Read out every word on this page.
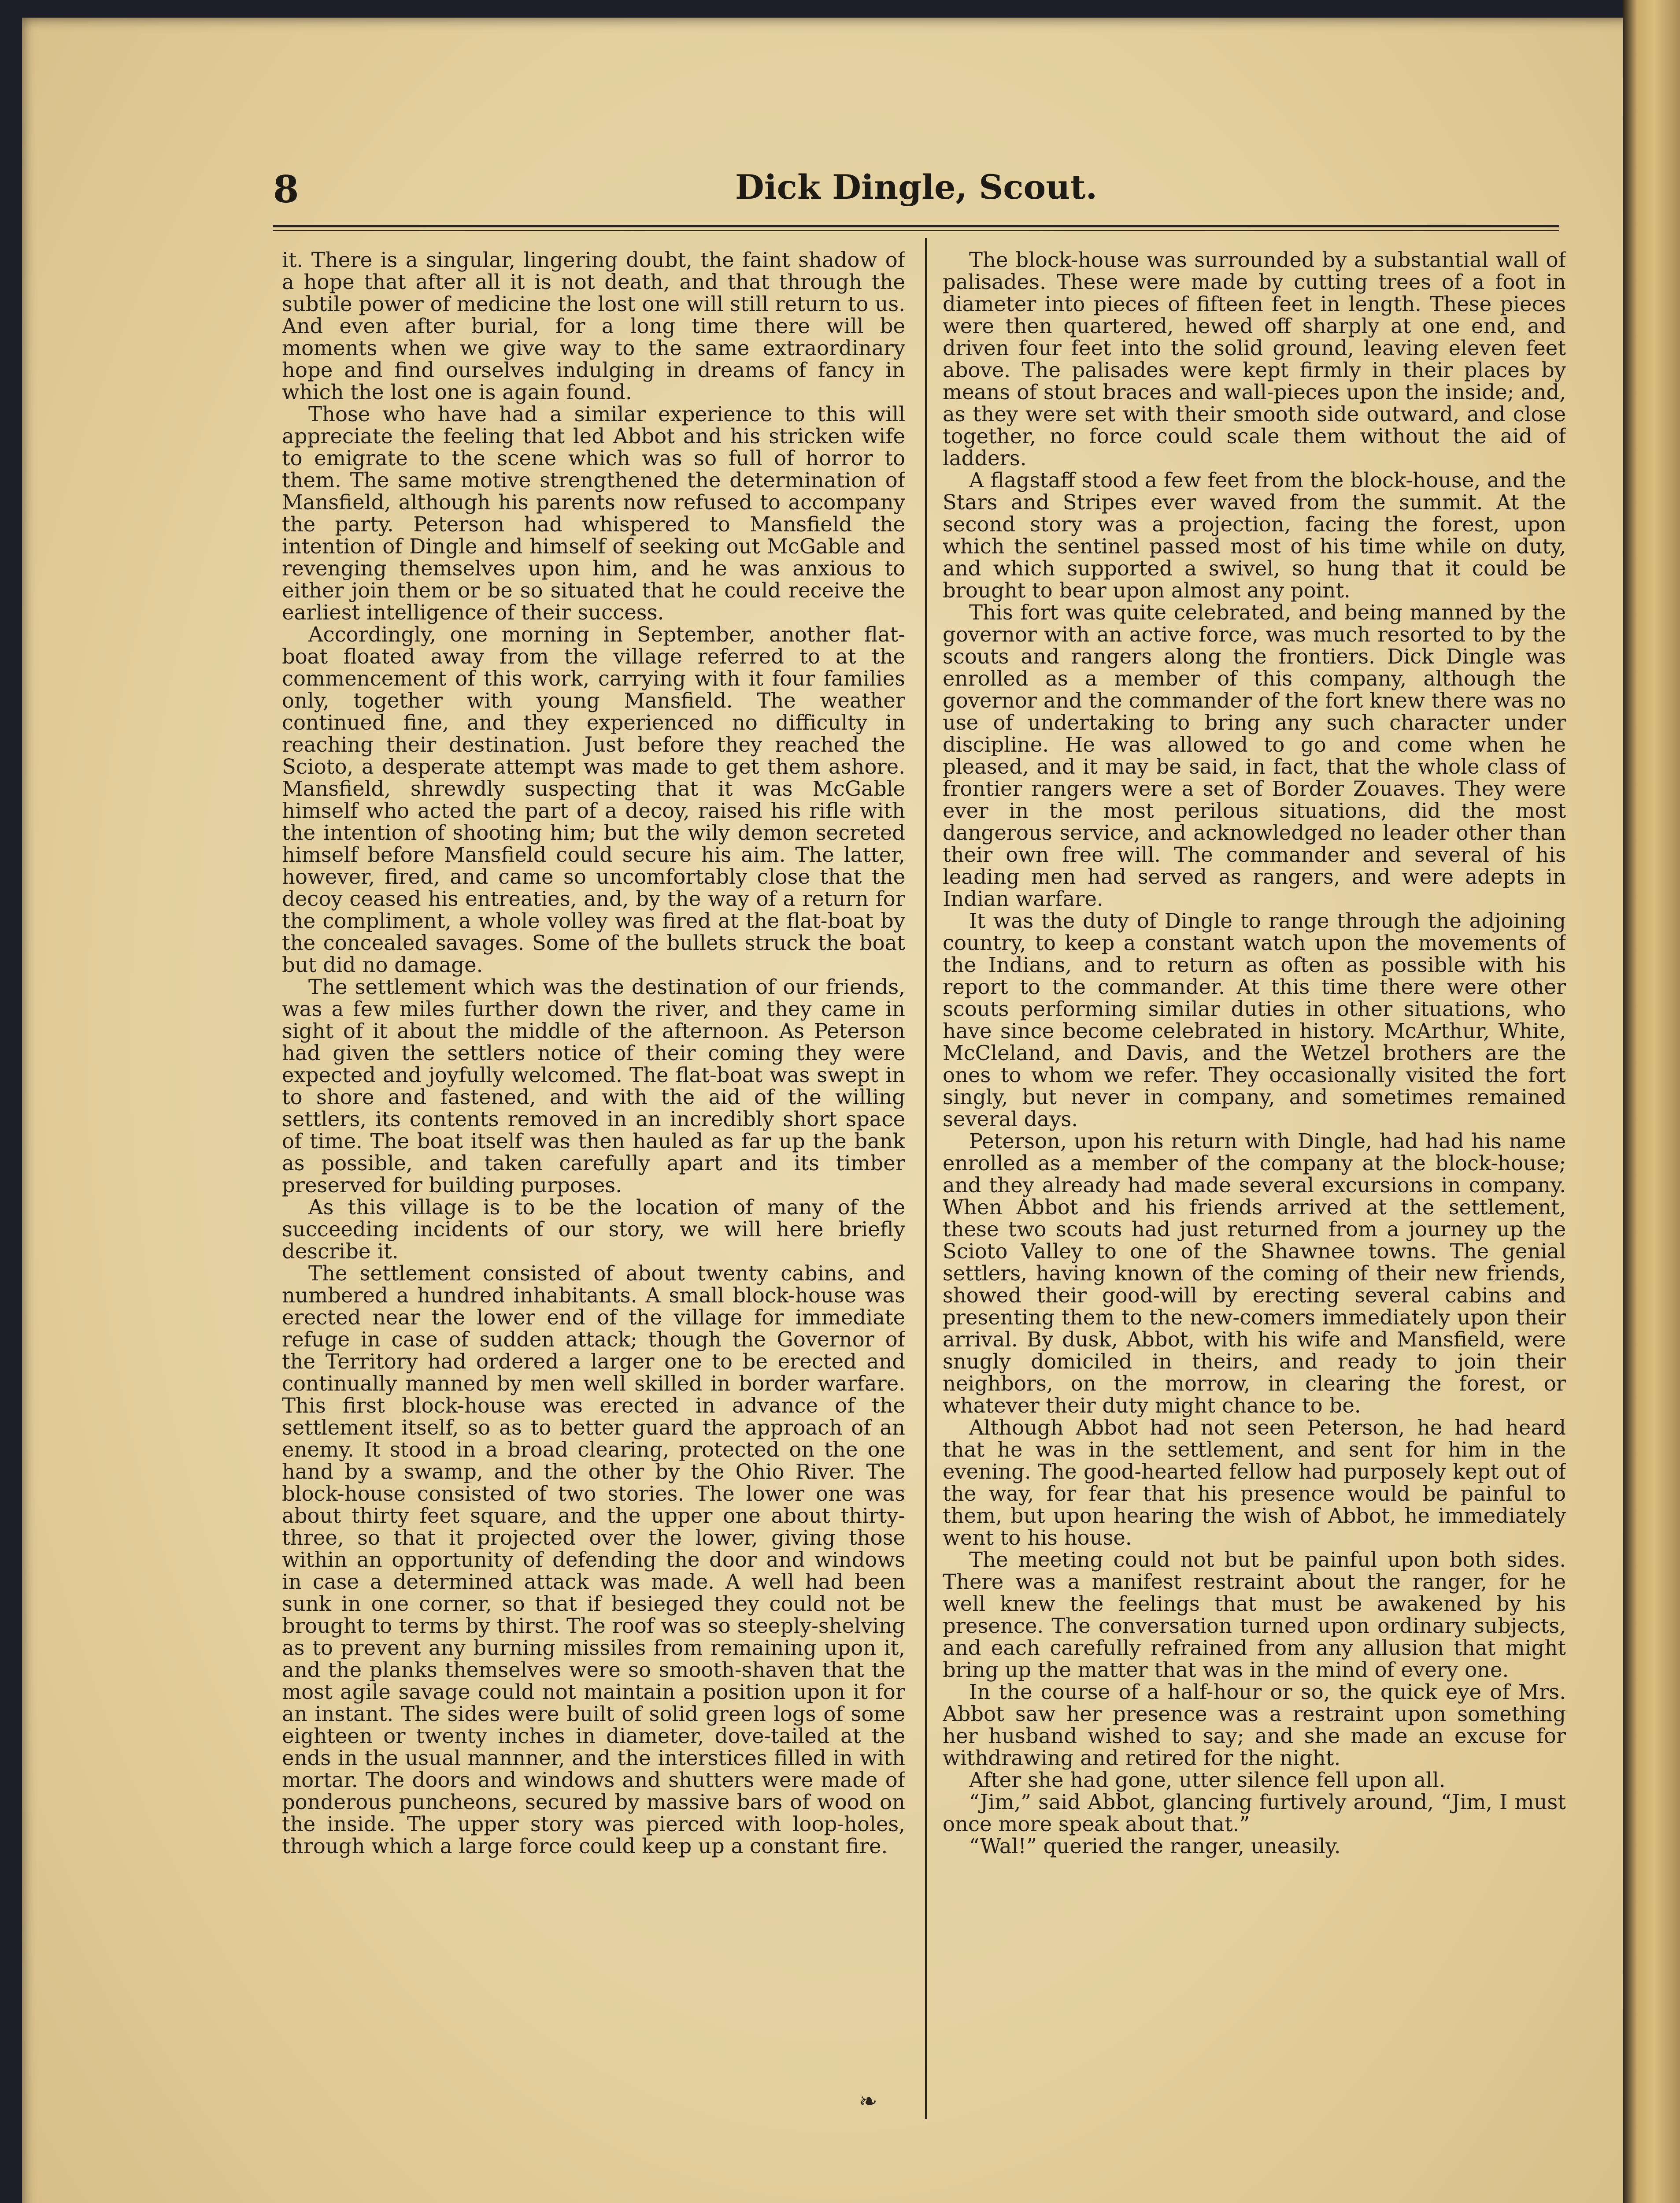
8	Dick Dingle, Scout.

it. There is a singular, lingering doubt, the faint shadow of a hope that after all it is not death, and that through the subtile power of medicine the lost one will still return to us. And even after burial, for a long time there will be moments when we give way to the same extraordinary hope and find ourselves indulging in dreams of fancy in which the lost one is again found.

Those who have had a similar experience to this will appreciate the feeling that led Abbot and his stricken wife to emigrate to the scene which was so full of horror to them. The same motive strengthened the determination of Mansfield, although his parents now refused to accompany the party. Peterson had whispered to Mansfield the intention of Dingle and himself of seeking out McGable and revenging themselves upon him, and he was anxious to either join them or be so situated that he could receive the earliest intelligence of their success.

Accordingly, one morning in September, another flat-boat floated away from the village referred to at the commencement of this work, carrying with it four families only, together with young Mansfield. The weather continued fine, and they experienced no difficulty in reaching their destination. Just before they reached the Scioto, a desperate attempt was made to get them ashore. Mansfield, shrewdly suspecting that it was McGable himself who acted the part of a decoy, raised his rifle with the intention of shooting him; but the wily demon secreted himself before Mansfield could secure his aim. The latter, however, fired, and came so uncomfortably close that the decoy ceased his entreaties, and, by the way of a return for the compliment, a whole volley was fired at the flat-boat by the concealed savages. Some of the bullets struck the boat but did no damage.

The settlement which was the destination of our friends, was a few miles further down the river, and they came in sight of it about the middle of the afternoon. As Peterson had given the settlers notice of their coming they were expected and joyfully welcomed. The flat-boat was swept in to shore and fastened, and with the aid of the willing settlers, its contents removed in an incredibly short space of time. The boat itself was then hauled as far up the bank as possible, and taken carefully apart and its timber preserved for building purposes.

As this village is to be the location of many of the succeeding incidents of our story, we will here briefly describe it.

The settlement consisted of about twenty cabins, and numbered a hundred inhabitants. A small block-house was erected near the lower end of the village for immediate refuge in case of sudden attack; though the Governor of the Territory had ordered a larger one to be erected and continually manned by men well skilled in border warfare. This first block-house was erected in advance of the settlement itself, so as to better guard the approach of an enemy. It stood in a broad clearing, protected on the one hand by a swamp, and the other by the Ohio River. The block-house consisted of two stories. The lower one was about thirty feet square, and the upper one about thirty-three, so that it projected over the lower, giving those within an opportunity of defending the door and windows in case a determined attack was made. A well had been sunk in one corner, so that if besieged they could not be brought to terms by thirst. The roof was so steeply-shelving as to prevent any burning missiles from remaining upon it, and the planks themselves were so smooth-shaven that the most agile savage could not maintain a position upon it for an instant. The sides were built of solid green logs of some eighteen or twenty inches in diameter, dove-tailed at the ends in the usual mannner, and the interstices filled in with mortar. The doors and windows and shutters were made of ponderous puncheons, secured by massive bars of wood on the inside. The upper story was pierced with loop-holes, through which a large force could keep up a constant fire.

The block-house was surrounded by a substantial wall of palisades. These were made by cutting trees of a foot in diameter into pieces of fifteen feet in length. These pieces were then quartered, hewed off sharply at one end, and driven four feet into the solid ground, leaving eleven feet above. The palisades were kept firmly in their places by means of stout braces and wall-pieces upon the inside; and, as they were set with their smooth side outward, and close together, no force could scale them without the aid of ladders.

A flagstaff stood a few feet from the block-house, and the Stars and Stripes ever waved from the summit. At the second story was a projection, facing the forest, upon which the sentinel passed most of his time while on duty, and which supported a swivel, so hung that it could be brought to bear upon almost any point.

This fort was quite celebrated, and being manned by the governor with an active force, was much resorted to by the scouts and rangers along the frontiers. Dick Dingle was enrolled as a member of this company, although the governor and the commander of the fort knew there was no use of undertaking to bring any such character under discipline. He was allowed to go and come when he pleased, and it may be said, in fact, that the whole class of frontier rangers were a set of Border Zouaves. They were ever in the most perilous situations, did the most dangerous service, and acknowledged no leader other than their own free will. The commander and several of his leading men had served as rangers, and were adepts in Indian warfare.

It was the duty of Dingle to range through the adjoining country, to keep a constant watch upon the movements of the Indians, and to return as often as possible with his report to the commander. At this time there were other scouts performing similar duties in other situations, who have since become celebrated in history. McArthur, White, McCleland, and Davis, and the Wetzel brothers are the ones to whom we refer. They occasionally visited the fort singly, but never in company, and sometimes remained several days.

Peterson, upon his return with Dingle, had had his name enrolled as a member of the company at the block-house; and they already had made several excursions in company. When Abbot and his friends arrived at the settlement, these two scouts had just returned from a journey up the Scioto Valley to one of the Shawnee towns. The genial settlers, having known of the coming of their new friends, showed their good-will by erecting several cabins and presenting them to the new-comers immediately upon their arrival. By dusk, Abbot, with his wife and Mansfield, were snugly domiciled in theirs, and ready to join their neighbors, on the morrow, in clearing the forest, or whatever their duty might chance to be.

Although Abbot had not seen Peterson, he had heard that he was in the settlement, and sent for him in the evening. The good-hearted fellow had purposely kept out of the way, for fear that his presence would be painful to them, but upon hearing the wish of Abbot, he immediately went to his house.

The meeting could not but be painful upon both sides. There was a manifest restraint about the ranger, for he well knew the feelings that must be awakened by his presence. The conversation turned upon ordinary subjects, and each carefully refrained from any allusion that might bring up the matter that was in the mind of every one.

In the course of a half-hour or so, the quick eye of Mrs. Abbot saw her presence was a restraint upon something her husband wished to say; and she made an excuse for withdrawing and retired for the night.

After she had gone, utter silence fell upon all.

“Jim,” said Abbot, glancing furtively around, “Jim, I must once more speak about that.”

“Wal!” queried the ranger, uneasily.

❧
